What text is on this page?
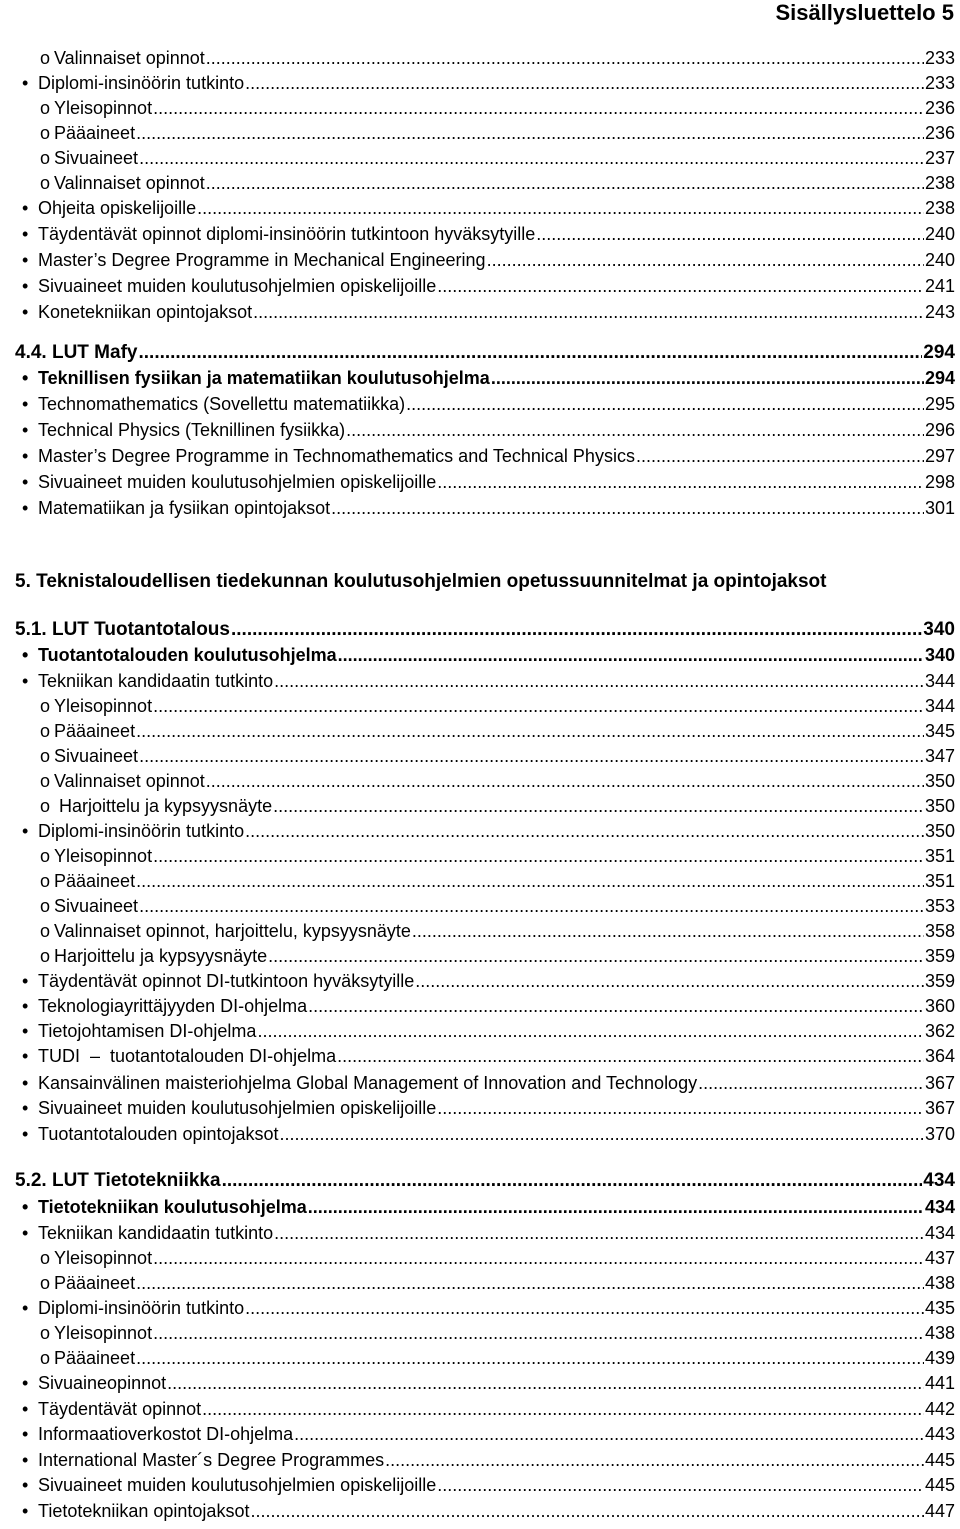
Sisällysluettelo 5
5. Teknistaloudellisen tiedekunnan koulutusohjelmien opetussuunnitelmat ja opintojaksot
o Valinnaiset opinnot .....	233
• Diplomi-insinöörin tutkinto .....	233
o Yleisopinnot .....	236
o Pääaineet .....	236
o Sivuaineet .....	237
o Valinnaiset opinnot .....	238
• Ohjeita opiskelijoille .....	238
• Täydentävät opinnot diplomi-insinöörin tutkintoon hyväksytyille .....	240
• Master’s Degree Programme in Mechanical Engineering .....	240
• Sivuaineet muiden koulutusohjelmien opiskelijoille .....	241
• Konetekniikan opintojaksot .....	243
4.4. LUT Mafy .....	294
• Teknillisen fysiikan ja matematiikan koulutusohjelma .....	294
• Technomathematics (Sovellettu matematiikka) .....	295
• Technical Physics (Teknillinen fysiikka) .....	296
• Master’s Degree Programme in Technomathematics and Technical Physics .....	297
• Sivuaineet muiden koulutusohjelmien opiskelijoille .....	298
• Matematiikan ja fysiikan opintojaksot .....	301
5.1. LUT Tuotantotalous .....	340
• Tuotantotalouden koulutusohjelma .....	340
• Tekniikan kandidaatin tutkinto .....	344
o Yleisopinnot .....	344
o Pääaineet .....	345
o Sivuaineet .....	347
o Valinnaiset opinnot .....	350
o Harjoittelu ja kypsyysnäyte .....	350
• Diplomi-insinöörin tutkinto .....	350
o Yleisopinnot .....	351
o Pääaineet .....	351
o Sivuaineet .....	353
o Valinnaiset opinnot, harjoittelu, kypsyysnäyte .....	358
o Harjoittelu ja kypsyysnäyte .....	359
• Täydentävät opinnot DI-tutkintoon hyväksytyille .....	359
• Teknologiayrittäjyyden DI-ohjelma .....	360
• Tietojohtamisen DI-ohjelma .....	362
• TUDI  –  tuotantotalouden DI-ohjelma .....	364
• Kansainvälinen maisteriohjelma Global Management of Innovation and Technology .....	367
• Sivuaineet muiden koulutusohjelmien opiskelijoille .....	367
• Tuotantotalouden opintojaksot .....	370
5.2. LUT Tietotekniikka .....	434
• Tietotekniikan koulutusohjelma .....	434
• Tekniikan kandidaatin tutkinto .....	434
o Yleisopinnot .....	437
o Pääaineet .....	438
• Diplomi-insinöörin tutkinto .....	435
o Yleisopinnot .....	438
o Pääaineet .....	439
• Sivuaineopinnot .....	441
• Täydentävät opinnot .....	442
• Informaatioverkostot DI-ohjelma .....	443
• International Master´s Degree Programmes .....	445
• Sivuaineet muiden koulutusohjelmien opiskelijoille .....	445
• Tietotekniikan opintojaksot .....	447
